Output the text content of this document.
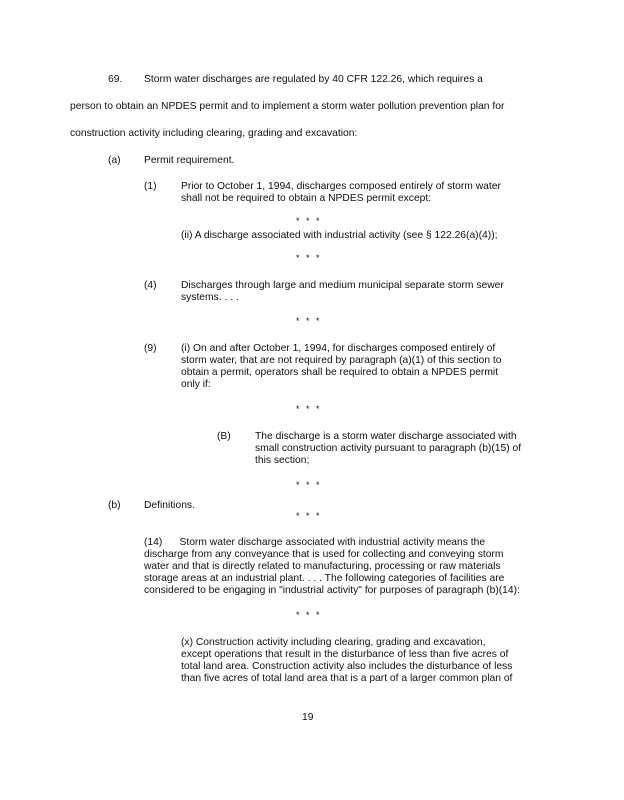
69. Storm water discharges are regulated by 40 CFR 122.26, which requires a
person to obtain an NPDES permit and to implement a storm water pollution prevention plan for
construction activity including clearing, grading and excavation:
(a) Permit requirement.
(1) Prior to October 1, 1994, discharges composed entirely of storm water
shall not be required to obtain a NPDES permit except:
* * *
(ii) A discharge associated with industrial activity (see § 122.26(a)(4));
* * *
(4) Discharges through large and medium municipal separate storm sewer
systems. . . .
* * *
(9) (i) On and after October 1, 1994, for discharges composed entirely of
storm water, that are not required by paragraph (a)(1) of this section to
obtain a permit, operators shall be required to obtain a NPDES permit
only if:
* * *
(B) The discharge is a storm water discharge associated with
small construction activity pursuant to paragraph (b)(15) of
this section;
* * *
(b) Definitions.
* * *
(14)      Storm water discharge associated with industrial activity means the
discharge from any conveyance that is used for collecting and conveying storm
water and that is directly related to manufacturing, processing or raw materials
storage areas at an industrial plant. . . . The following categories of facilities are
considered to be engaging in "industrial activity" for purposes of paragraph (b)(14):
* * *
(x) Construction activity including clearing, grading and excavation,
except operations that result in the disturbance of less than five acres of
total land area. Construction activity also includes the disturbance of less
than five acres of total land area that is a part of a larger common plan of
19
